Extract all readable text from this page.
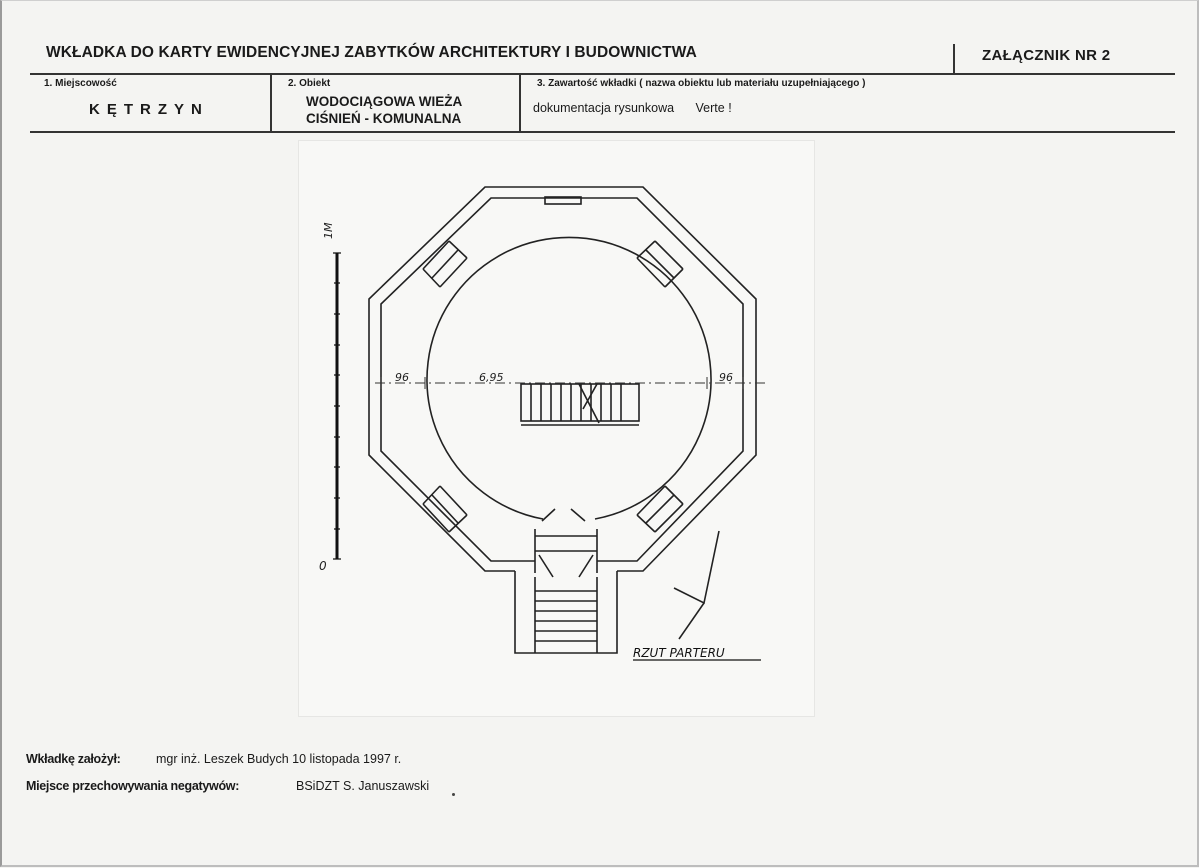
WKŁADKA DO KARTY EWIDENCYJNEJ ZABYTKÓW ARCHITEKTURY I BUDOWNICTWA	ZAŁĄCZNIK NR 2
1. Miejscowość
KĘTRZYN
2. Obiekt
WODOCIĄGOWA WIEŻA
CIŚNIEŃ - KOMUNALNA
3. Zawartość wkładki ( nazwa obiektu lub materiału uzupełniającego )
dokumentacja rysunkowa Verte !
96	6,95	96
1M
0
RZUT PARTERU
Wkładkę założył:	mgr inż. Leszek Budych 10 listopada 1997 r.
Miejsce przechowywania negatywów:	BSiDZT S. Januszawski
